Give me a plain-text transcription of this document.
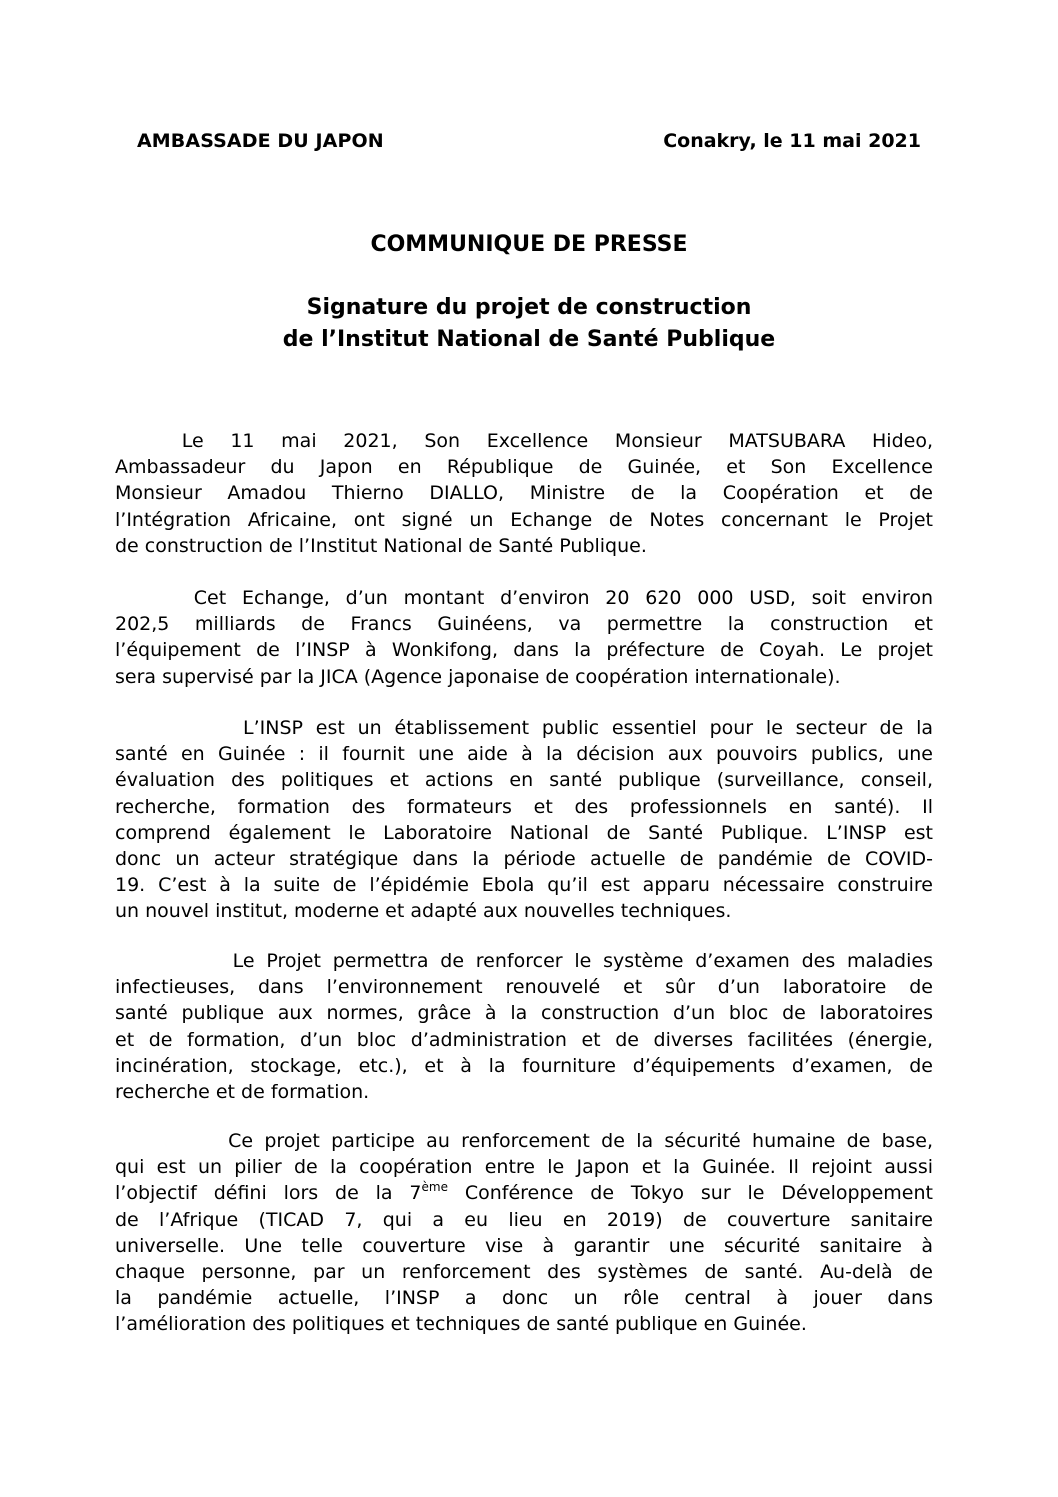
AMBASSADE DU JAPON	Conakry, le 11 mai 2021
COMMUNIQUE DE PRESSE
Signature du projet de construction
de l’Institut National de Santé Publique
Le  11  mai  2021,  Son  Excellence  Monsieur  MATSUBARA  Hideo,
Ambassadeur du Japon en République de Guinée, et Son Excellence
Monsieur Amadou Thierno DIALLO, Ministre de la Coopération et de
l’Intégration Africaine, ont signé un Echange de Notes concernant le Projet
de construction de l’Institut National de Santé Publique.
Cet Echange, d’un montant d’environ 20 620 000 USD, soit environ
202,5 milliards de Francs Guinéens, va permettre la construction et
l’équipement de l’INSP à Wonkifong, dans la préfecture de Coyah. Le projet
sera supervisé par la JICA (Agence japonaise de coopération internationale).
L’INSP est un établissement public essentiel pour le secteur de la
santé en Guinée : il fournit une aide à la décision aux pouvoirs publics, une
évaluation des politiques et actions en santé publique (surveillance, conseil,
recherche, formation des formateurs et des professionnels en santé). Il
comprend également le Laboratoire National de Santé Publique. L’INSP est
donc un acteur stratégique dans la période actuelle de pandémie de COVID-
19. C’est à la suite de l’épidémie Ebola qu’il est apparu nécessaire construire
un nouvel institut, moderne et adapté aux nouvelles techniques.
Le Projet permettra de renforcer le système d’examen des maladies
infectieuses, dans l’environnement renouvelé et sûr d’un laboratoire de
santé publique aux normes, grâce à la construction d’un bloc de laboratoires
et de formation, d’un bloc d’administration et de diverses facilitées (énergie,
incinération, stockage, etc.), et à la fourniture d’équipements d’examen, de
recherche et de formation.
Ce projet participe au renforcement de la sécurité humaine de base,
qui est un pilier de la coopération entre le Japon et la Guinée. Il rejoint aussi
l’objectif défini lors de la 7ème Conférence de Tokyo sur le Développement
de l’Afrique (TICAD 7, qui a eu lieu en 2019) de couverture sanitaire
universelle. Une telle couverture vise à garantir une sécurité sanitaire à
chaque personne, par un renforcement des systèmes de santé. Au-delà de
la pandémie actuelle, l’INSP a donc un rôle central à jouer dans
l’amélioration des politiques et techniques de santé publique en Guinée.
